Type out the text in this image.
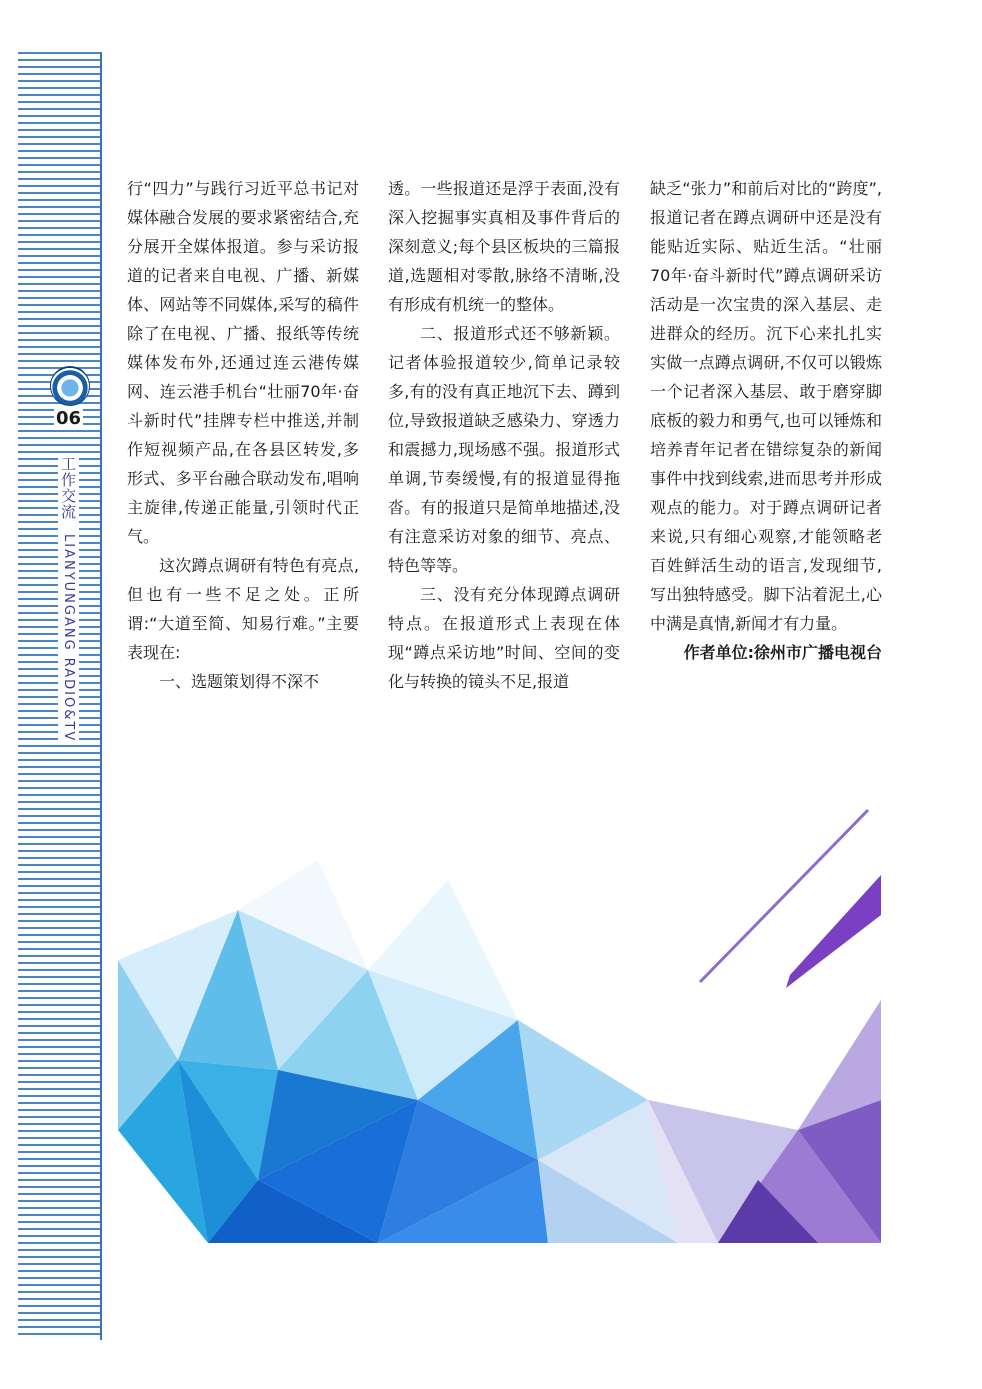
06
工作交流 LIANYUNGANG RADIO&TV

行“四力”与践行习近平总书记对媒体融合发展的要求紧密结合,充分展开全媒体报道。参与采访报道的记者来自电视、广播、新媒体、网站等不同媒体,采写的稿件除了在电视、广播、报纸等传统媒体发布外,还通过连云港传媒网、连云港手机台“壮丽70年·奋斗新时代”挂牌专栏中推送,并制作短视频产品,在各县区转发,多形式、多平台融合联动发布,唱响主旋律,传递正能量,引领时代正气。

这次蹲点调研有特色有亮点,但也有一些不足之处。正所谓:“大道至简、知易行难。”主要表现在:

一、选题策划得不深不

透。一些报道还是浮于表面,没有深入挖掘事实真相及事件背后的深刻意义;每个县区板块的三篇报道,选题相对零散,脉络不清晰,没有形成有机统一的整体。

二、报道形式还不够新颖。记者体验报道较少,简单记录较多,有的没有真正地沉下去、蹲到位,导致报道缺乏感染力、穿透力和震撼力,现场感不强。报道形式单调,节奏缓慢,有的报道显得拖沓。有的报道只是简单地描述,没有注意采访对象的细节、亮点、特色等等。

三、没有充分体现蹲点调研特点。在报道形式上表现在体现“蹲点采访地”时间、空间的变化与转换的镜头不足,报道

缺乏“张力”和前后对比的“跨度”,报道记者在蹲点调研中还是没有能贴近实际、贴近生活。“壮丽70年·奋斗新时代”蹲点调研采访活动是一次宝贵的深入基层、走进群众的经历。沉下心来扎扎实实做一点蹲点调研,不仅可以锻炼一个记者深入基层、敢于磨穿脚底板的毅力和勇气,也可以锤炼和培养青年记者在错综复杂的新闻事件中找到线索,进而思考并形成观点的能力。对于蹲点调研记者来说,只有细心观察,才能领略老百姓鲜活生动的语言,发现细节,写出独特感受。脚下沾着泥土,心中满是真情,新闻才有力量。

作者单位:徐州市广播电视台
